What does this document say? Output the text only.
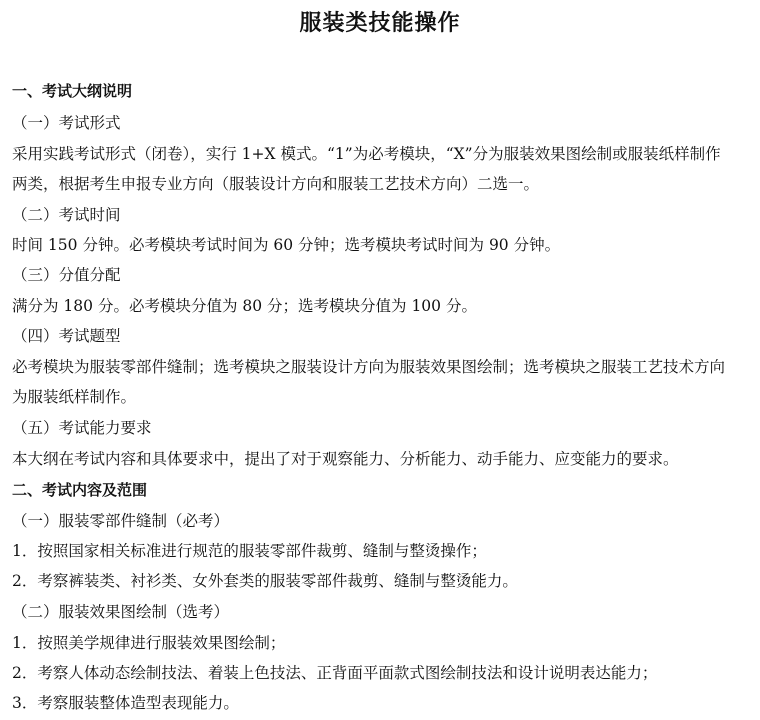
服装类技能操作
一、考试大纲说明
（一）考试形式
采用实践考试形式（闭卷），实行 1+X 模式。“1”为必考模块，“X”分为服装效果图绘制或服装纸样制作
两类，根据考生申报专业方向（服装设计方向和服装工艺技术方向）二选一。
（二）考试时间
时间 150 分钟。必考模块考试时间为 60 分钟；选考模块考试时间为 90 分钟。
（三）分值分配
满分为 180 分。必考模块分值为 80 分；选考模块分值为 100 分。
（四）考试题型
必考模块为服装零部件缝制；选考模块之服装设计方向为服装效果图绘制；选考模块之服装工艺技术方向
为服装纸样制作。
（五）考试能力要求
本大纲在考试内容和具体要求中，提出了对于观察能力、分析能力、动手能力、应变能力的要求。
二、考试内容及范围
（一）服装零部件缝制（必考）
1．按照国家相关标准进行规范的服装零部件裁剪、缝制与整烫操作；
2．考察裤装类、衬衫类、女外套类的服装零部件裁剪、缝制与整烫能力。
（二）服装效果图绘制（选考）
1．按照美学规律进行服装效果图绘制；
2．考察人体动态绘制技法、着装上色技法、正背面平面款式图绘制技法和设计说明表达能力；
3．考察服装整体造型表现能力。
